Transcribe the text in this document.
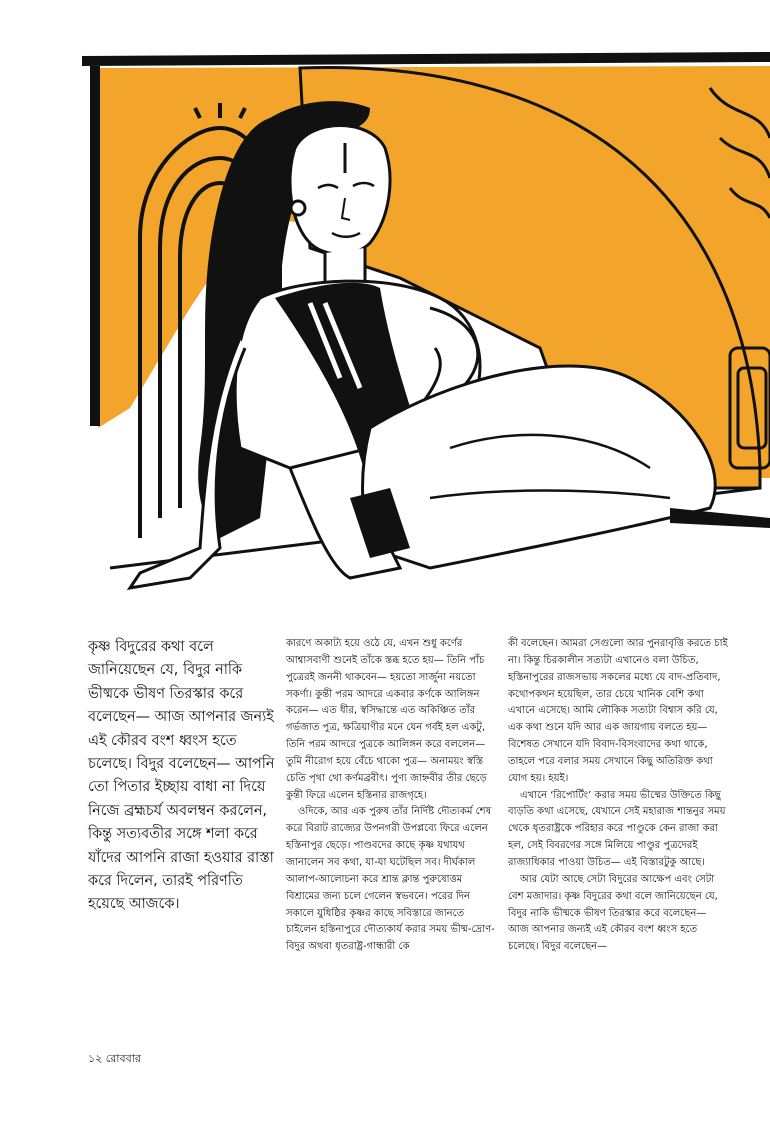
কৃষ্ণ বিদুরের কথা বলে জানিয়েছেন যে, বিদুর নাকি ভীষ্মকে ভীষণ তিরস্কার করে বলেছেন— আজ আপনার জন্যই এই কৌরব বংশ ধ্বংস হতে চলেছে। বিদুর বলেছেন— আপনি তো পিতার ইচ্ছায় বাধা না দিয়ে নিজে ব্রহ্মচর্য অবলম্বন করলেন, কিন্তু সত্যবতীর সঙ্গে শলা করে যাঁদের আপনি রাজা হওয়ার রাস্তা করে দিলেন, তারই পরিণতি হয়েছে আজকে।

কারণে অকাট্য হয়ে ওঠে যে, এখন শুধু কর্ণের আশ্বাসবাণী শুনেই তাঁকে স্তব্ধ হতে হয়— তিনি পাঁচ পুত্রেরই জননী থাকবেন— হয়তো সার্জুনা নয়তো সকর্ণা। কুন্তী পরম আদরে একবার কর্ণকে আলিঙ্গন করেন— এত ধীর, স্বসিদ্ধান্তে এত অকিঞ্চিত তাঁর গর্ভজাত পুত্র, ক্ষত্রিয়াণীর মনে যেন গর্বই হল একটু, তিনি পরম আদরে পুত্রকে আলিঙ্গন করে বললেন— তুমি নীরোগ হয়ে বেঁচে থাকো পুত্র— অনাময়ং স্বস্তি চেতি পৃথা থো কর্ণমব্রবীৎ। পুণ্য জাহ্নবীর তীর ছেড়ে কুন্তী ফিরে এলেন হস্তিনার রাজগৃহে।

ওদিকে, আর এক পুরুষ তাঁর নির্দিষ্ট দৌত্যকর্ম শেষ করে বিরাট রাজ্যের উপনগরী উপপ্লব্যে ফিরে এলেন হস্তিনাপুর ছেড়ে। পাণ্ডবদের কাছে কৃষ্ণ যথাযথ জানালেন সব কথা, যা-যা ঘটেছিল সব। দীর্ঘকাল আলাপ-আলোচনা করে শ্রান্ত ক্লান্ত পুরুষোত্তম বিশ্রামের জন্য চলে গেলেন স্বভবনে। পরের দিন সকালে যুধিষ্ঠির কৃষ্ণর কাছে সবিস্তারে জানতে চাইলেন হস্তিনাপুরে দৌত্যকার্য করার সময় ভীষ্ম-দ্রোণ-বিদুর অথবা ধৃতরাষ্ট্র-গান্ধারী কে

কী বলেছেন। আমরা সেগুলো আর পুনরাবৃত্তি করতে চাই না। কিন্তু চিরকালীন সত্যটা এখানেও বলা উচিত, হস্তিনাপুরের রাজসভায় সকলের মধ্যে যে বাদ-প্রতিবাদ, কথোপকথন হয়েছিল, তার চেয়ে খানিক বেশি কথা এখানে এসেছে। আমি লৌকিক সত্যটা বিশ্বাস করি যে, এক কথা শুনে যদি আর এক জায়গায় বলতে হয়— বিশেষত সেখানে যদি বিবাদ-বিসংবাদের কথা থাকে, তাহলে পরে বলার সময় সেখানে কিছু অতিরিক্ত কথা যোগ হয়। হয়ই।

এখানে ‘রিপোর্টিং’ করার সময় ভীষ্মের উক্তিতে কিছু বাড়তি কথা এসেছে, যেখানে সেই মহারাজ শান্তনুর সময় থেকে ধৃতরাষ্ট্রকে পরিহার করে পাণ্ডুকে কেন রাজা করা হল, সেই বিবরণের সঙ্গে মিলিয়ে পাণ্ডুর পুত্রদেরই রাজ্যাধিকার পাওয়া উচিত— এই বিস্তারটুকু আছে।

আর যেটা আছে সেটা বিদুরের আক্ষেপ এবং সেটা বেশ মজাদার। কৃষ্ণ বিদুরের কথা বলে জানিয়েছেন যে, বিদুর নাকি ভীষ্মকে ভীষণ তিরস্কার করে বলেছেন— আজ আপনার জন্যই এই কৌরব বংশ ধ্বংস হতে চলেছে। বিদুর বলেছেন—

১২ রোববার
